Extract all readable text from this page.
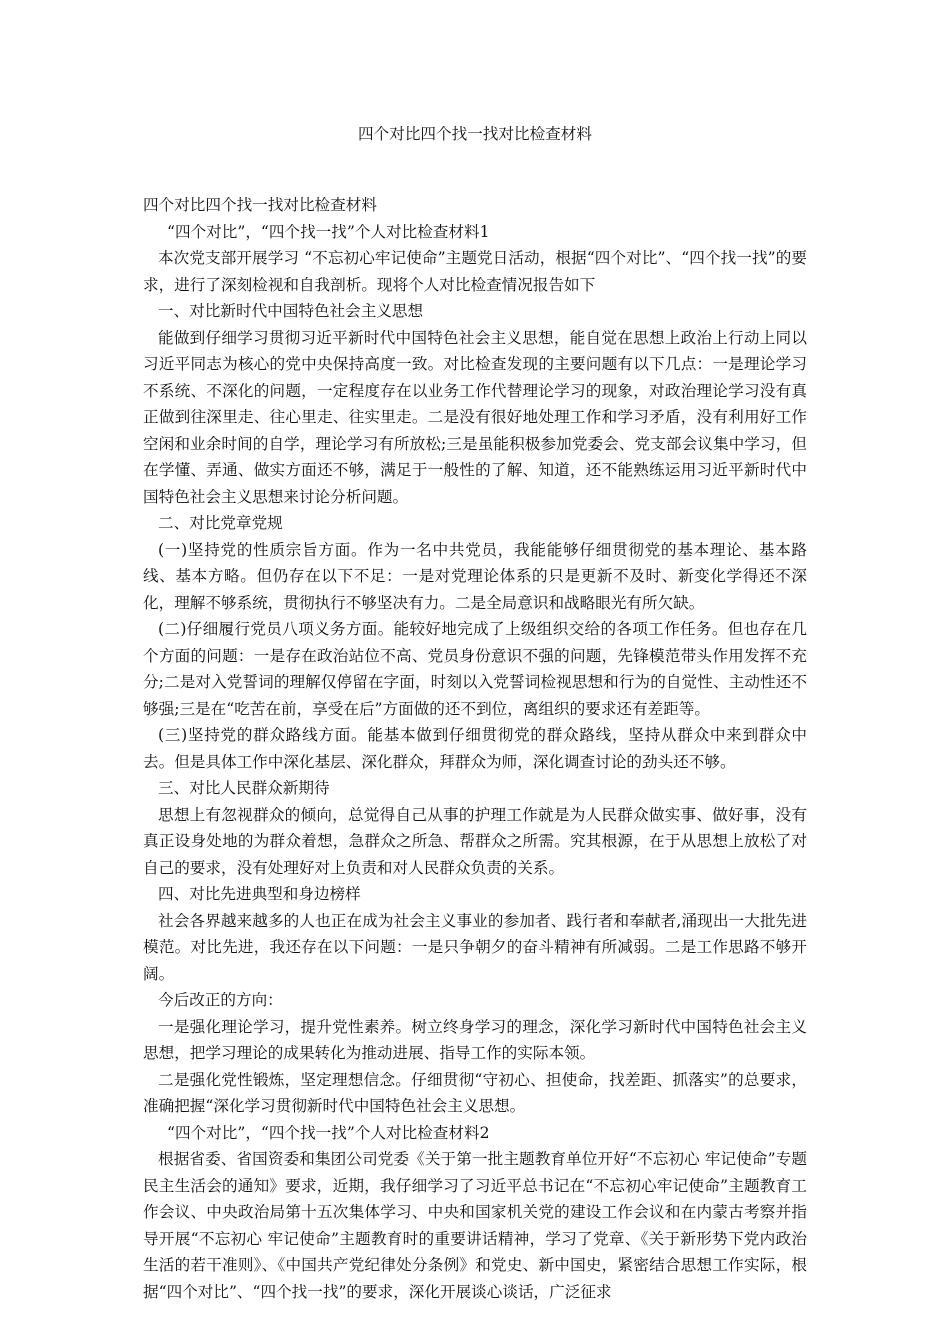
四个对比四个找一找对比检查材料

四个对比四个找一找对比检查材料

“四个对比”，“四个找一找”个人对比检查材料1

本次党支部开展学习 “不忘初心牢记使命”主题党日活动，根据“四个对比”、“四个找一找”的要求，进行了深刻检视和自我剖析。现将个人对比检查情况报告如下

一、对比新时代中国特色社会主义思想

能做到仔细学习贯彻习近平新时代中国特色社会主义思想，能自觉在思想上政治上行动上同以习近平同志为核心的党中央保持高度一致。对比检查发现的主要问题有以下几点：一是理论学习不系统、不深化的问题，一定程度存在以业务工作代替理论学习的现象，对政治理论学习没有真正做到往深里走、往心里走、往实里走。二是没有很好地处理工作和学习矛盾，没有利用好工作空闲和业余时间的自学，理论学习有所放松;三是虽能积极参加党委会、党支部会议集中学习，但在学懂、弄通、做实方面还不够，满足于一般性的了解、知道，还不能熟练运用习近平新时代中国特色社会主义思想来讨论分析问题。

二、对比党章党规

(一)坚持党的性质宗旨方面。作为一名中共党员，我能能够仔细贯彻党的基本理论、基本路线、基本方略。但仍存在以下不足：一是对党理论体系的只是更新不及时、新变化学得还不深化，理解不够系统，贯彻执行不够坚决有力。二是全局意识和战略眼光有所欠缺。

(二)仔细履行党员八项义务方面。能较好地完成了上级组织交给的各项工作任务。但也存在几个方面的问题：一是存在政治站位不高、党员身份意识不强的问题，先锋模范带头作用发挥不充分;二是对入党誓词的理解仅停留在字面，时刻以入党誓词检视思想和行为的自觉性、主动性还不够强;三是在“吃苦在前，享受在后”方面做的还不到位，离组织的要求还有差距等。

(三)坚持党的群众路线方面。能基本做到仔细贯彻党的群众路线，坚持从群众中来到群众中去。但是具体工作中深化基层、深化群众，拜群众为师，深化调查讨论的劲头还不够。

三、对比人民群众新期待

思想上有忽视群众的倾向，总觉得自己从事的护理工作就是为人民群众做实事、做好事，没有真正设身处地的为群众着想，急群众之所急、帮群众之所需。究其根源，在于从思想上放松了对自己的要求，没有处理好对上负责和对人民群众负责的关系。

四、对比先进典型和身边榜样

社会各界越来越多的人也正在成为社会主义事业的参加者、践行者和奉献者,涌现出一大批先进模范。对比先进，我还存在以下问题：一是只争朝夕的奋斗精神有所减弱。二是工作思路不够开阔。

今后改正的方向：

一是强化理论学习，提升党性素养。树立终身学习的理念，深化学习新时代中国特色社会主义思想，把学习理论的成果转化为推动进展、指导工作的实际本领。

二是强化党性锻炼，坚定理想信念。仔细贯彻“守初心、担使命，找差距、抓落实”的总要求，准确把握“深化学习贯彻新时代中国特色社会主义思想。

“四个对比”，“四个找一找”个人对比检查材料2

根据省委、省国资委和集团公司党委《关于第一批主题教育单位开好“不忘初心 牢记使命”专题民主生活会的通知》要求，近期，我仔细学习了习近平总书记在“不忘初心牢记使命”主题教育工作会议、中央政治局第十五次集体学习、中央和国家机关党的建设工作会议和在内蒙古考察并指导开展“不忘初心 牢记使命”主题教育时的重要讲话精神，学习了党章、《关于新形势下党内政治生活的若干准则》、《中国共产党纪律处分条例》和党史、新中国史，紧密结合思想工作实际，根据“四个对比”、“四个找一找”的要求，深化开展谈心谈话，广泛征求
